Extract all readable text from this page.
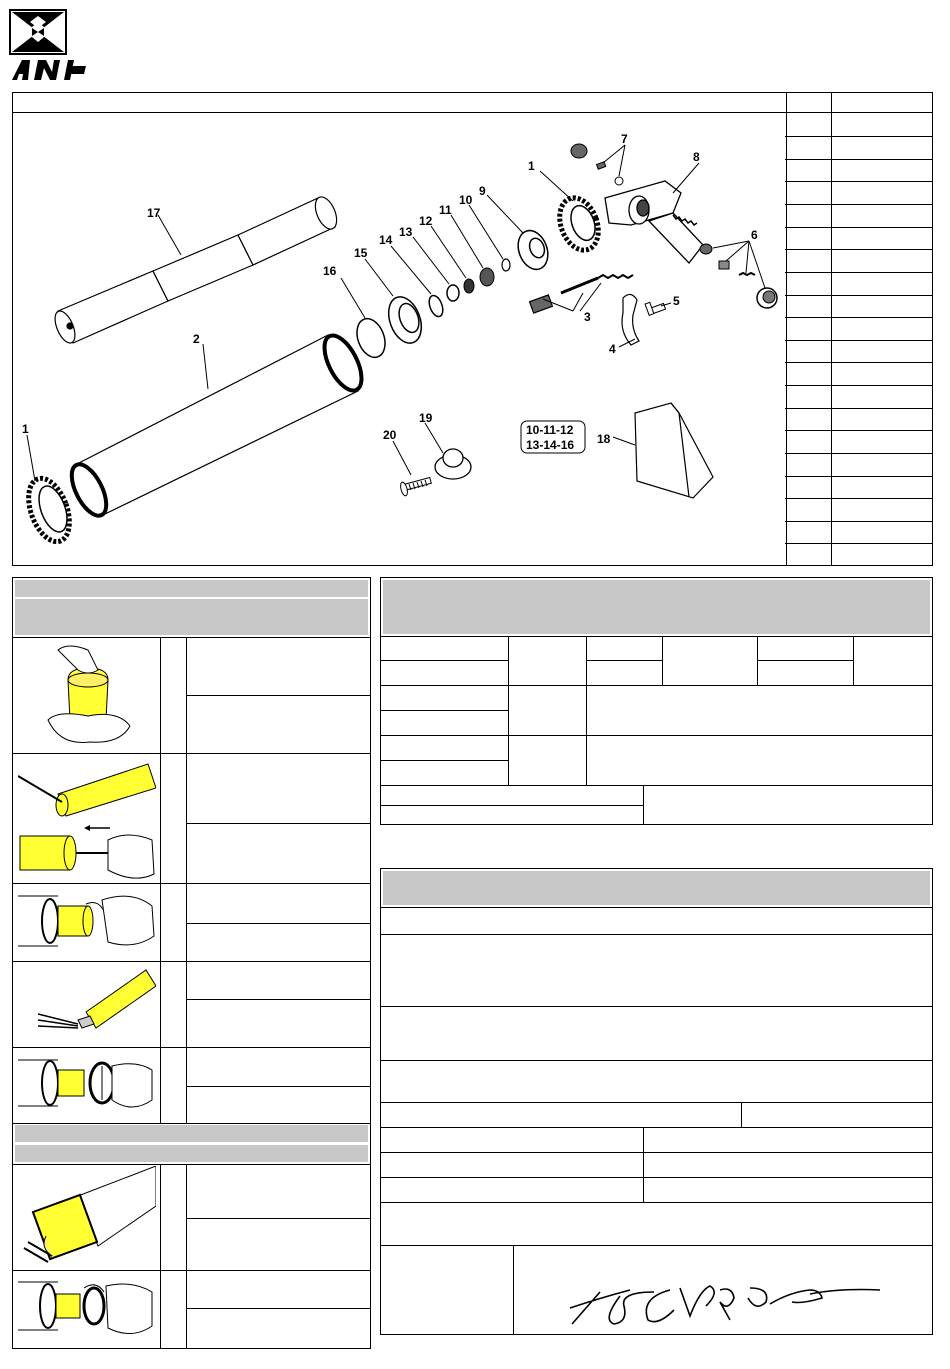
17
2
1
16
15
14
13
12
11
10
9
1
3
4
5
8
7
6
20
19
10-11-12
13-14-16 18
